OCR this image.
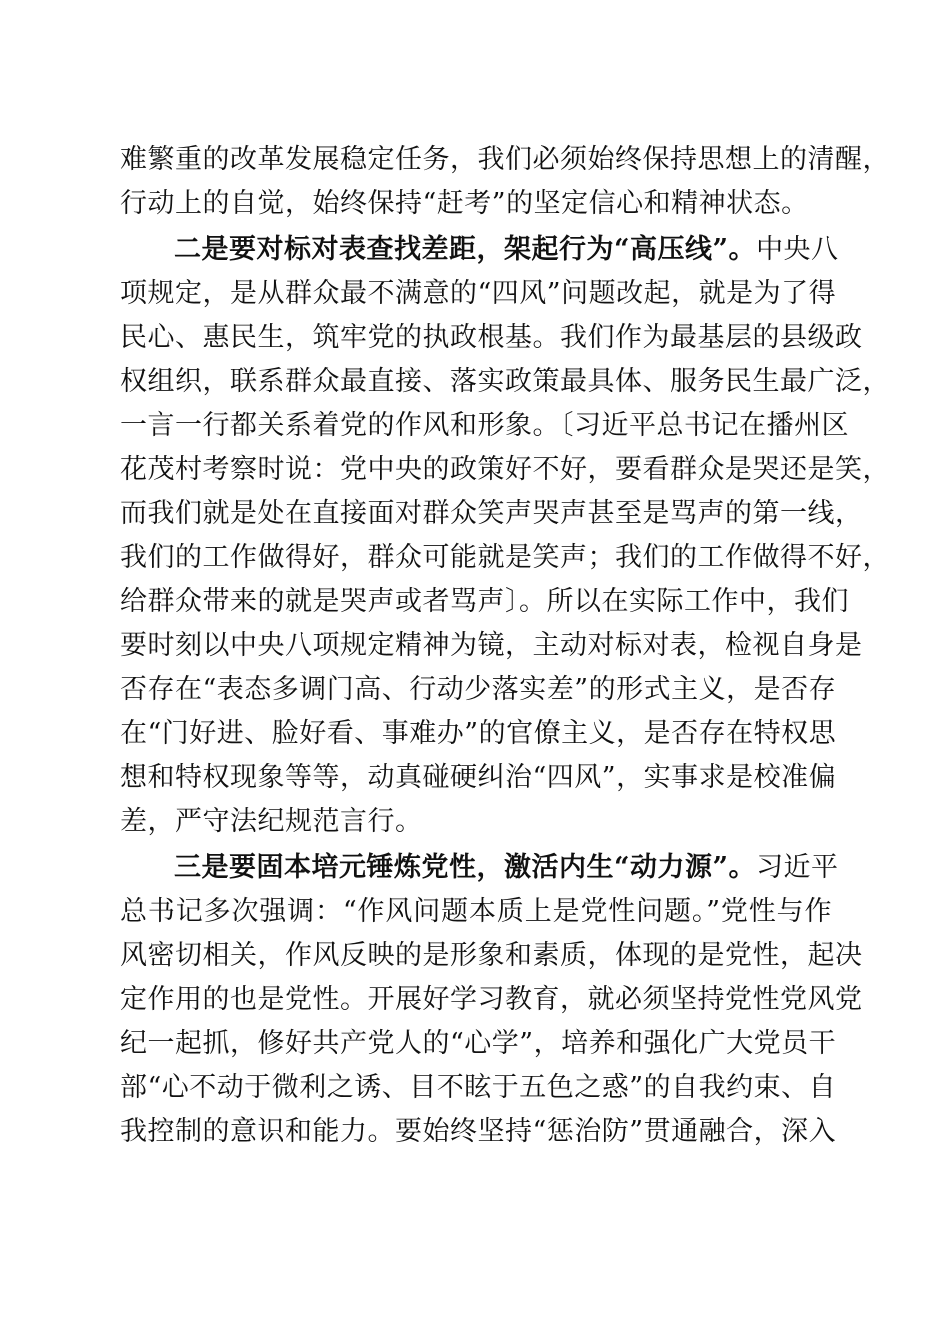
难繁重的改革发展稳定任务，我们必须始终保持思想上的清醒，
行动上的自觉，始终保持“赶考”的坚定信心和精神状态。
二是要对标对表查找差距，架起行为“高压线”。中央八
项规定，是从群众最不满意的“四风”问题改起，就是为了得
民心、惠民生，筑牢党的执政根基。我们作为最基层的县级政
权组织，联系群众最直接、落实政策最具体、服务民生最广泛，
一言一行都关系着党的作风和形象。〔习近平总书记在播州区
花茂村考察时说：党中央的政策好不好，要看群众是哭还是笑，
而我们就是处在直接面对群众笑声哭声甚至是骂声的第一线，
我们的工作做得好，群众可能就是笑声；我们的工作做得不好，
给群众带来的就是哭声或者骂声〕。所以在实际工作中，我们
要时刻以中央八项规定精神为镜，主动对标对表，检视自身是
否存在“表态多调门高、行动少落实差”的形式主义，是否存
在“门好进、脸好看、事难办”的官僚主义，是否存在特权思
想和特权现象等等，动真碰硬纠治“四风”，实事求是校准偏
差，严守法纪规范言行。
三是要固本培元锤炼党性，激活内生“动力源”。习近平
总书记多次强调：“作风问题本质上是党性问题。”党性与作
风密切相关，作风反映的是形象和素质，体现的是党性，起决
定作用的也是党性。开展好学习教育，就必须坚持党性党风党
纪一起抓，修好共产党人的“心学”，培养和强化广大党员干
部“心不动于微利之诱、目不眩于五色之惑”的自我约束、自
我控制的意识和能力。要始终坚持“惩治防”贯通融合，深入
